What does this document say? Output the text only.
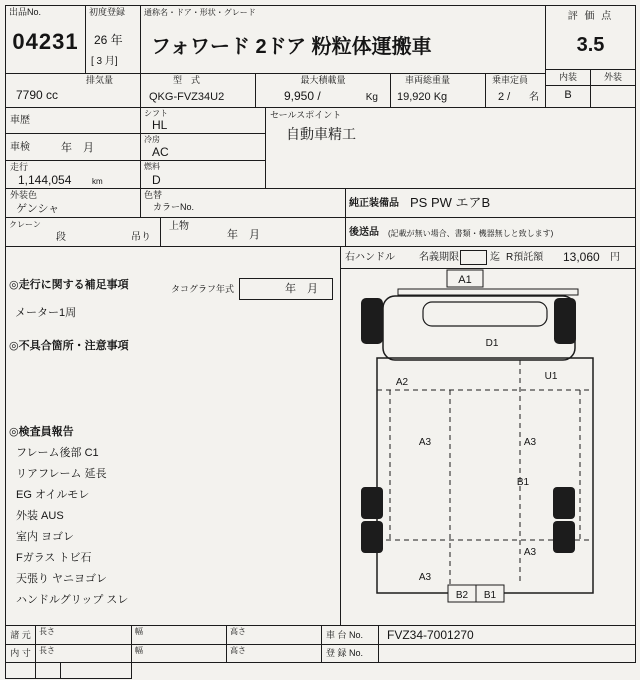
出品No.
04231
初度登録
26 年
[ 3 月]
通称名・ドア・形状・グレード
フォワード 2ドア 粉粒体運搬車
評 価 点
3.5
排気量
7790 cc
型　式
QKG-FVZ34U2
最大積載量
9,950 /	Kg
車両総重量
19,920 Kg
乗車定員
2 / 名
内装	外装
B
車歴
シフト
HL
セールスポイント
自動車精工
車検	年　月
冷房
AC
走行
1,144,054	km
燃料
D
外装色
ゲンシャ
色替
カラーNo.	純正装備品 PS PW エアB
クレーン
段	吊り
上物
年　月	後送品 (記載が無い場合、書類・機器無しと致します)
◎走行に関する補足事項	タコグラフ年式	年　月
メーター1周
◎不具合箇所・注意事項
◎検査員報告
フレーム後部 C1
リアフレーム 延長
EG オイルモレ
外装 AUS
室内 ヨゴレ
Fガラス トビ石
天張り ヤニヨゴレ
ハンドルグリップ スレ
右ハンドル 名義期限	迄 R預託額 13,060 円
A1
D1
A2
U1
A3	A3
B1
A3
A3
B2 B1
諸 元	長さ	幅	高さ	車 台 No. FVZ34-7001270
内 寸	長さ	幅	高さ	登 録 No.
